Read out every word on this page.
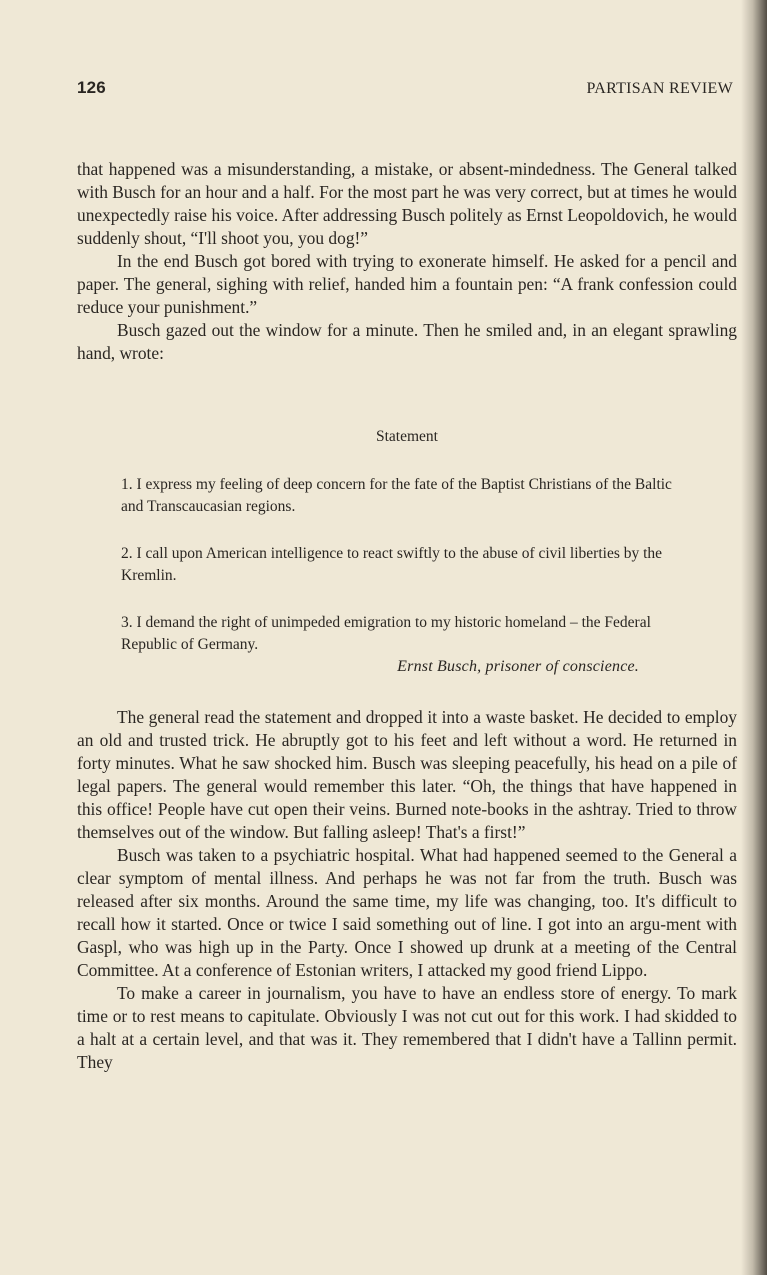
126	PARTISAN REVIEW

that happened was a misunderstanding, a mistake, or absent-mindedness. The General talked with Busch for an hour and a half. For the most part he was very correct, but at times he would unexpectedly raise his voice. After addressing Busch politely as Ernst Leopoldovich, he would suddenly shout, “I'll shoot you, you dog!”

In the end Busch got bored with trying to exonerate himself. He asked for a pencil and paper. The general, sighing with relief, handed him a fountain pen: “A frank confession could reduce your punishment.”

Busch gazed out the window for a minute. Then he smiled and, in an elegant sprawling hand, wrote:

Statement
1. I express my feeling of deep concern for the fate of the Baptist Christians of the Baltic and Transcaucasian regions.
2. I call upon American intelligence to react swiftly to the abuse of civil liberties by the Kremlin.
3. I demand the right of unimpeded emigration to my historic homeland – the Federal Republic of Germany.
Ernst Busch, prisoner of conscience.

The general read the statement and dropped it into a waste basket. He decided to employ an old and trusted trick. He abruptly got to his feet and left without a word. He returned in forty minutes. What he saw shocked him. Busch was sleeping peacefully, his head on a pile of legal papers. The general would remember this later. “Oh, the things that have happened in this office! People have cut open their veins. Burned note-books in the ashtray. Tried to throw themselves out of the window. But falling asleep! That's a first!”

Busch was taken to a psychiatric hospital. What had happened seemed to the General a clear symptom of mental illness. And perhaps he was not far from the truth. Busch was released after six months. Around the same time, my life was changing, too. It's difficult to recall how it started. Once or twice I said something out of line. I got into an argu-ment with Gaspl, who was high up in the Party. Once I showed up drunk at a meeting of the Central Committee. At a conference of Estonian writers, I attacked my good friend Lippo.

To make a career in journalism, you have to have an endless store of energy. To mark time or to rest means to capitulate. Obviously I was not cut out for this work. I had skidded to a halt at a certain level, and that was it. They remembered that I didn't have a Tallinn permit. They
